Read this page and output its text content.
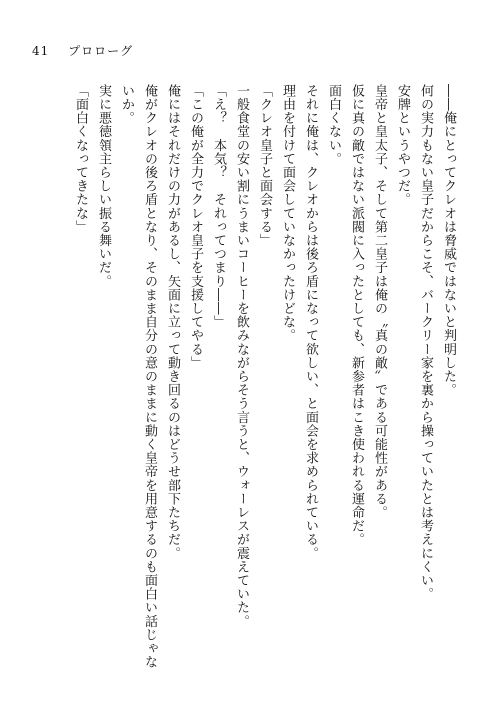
41 プロローグ

――俺にとってクレオは脅威ではないと判明した。

何の実力もない皇子だからこそ、バークリー家を裏から操っていたとは考えにくい。

安牌というやつだ。

皇帝と皇太子、そして第二皇子は俺の〝真の敵〟である可能性がある。

仮に真の敵ではない派閥に入ったとしても、新参者はこき使われる運命だ。

面白くない。

それに俺は、クレオからは後ろ盾になって欲しい、と面会を求められている。

理由を付けて面会していなかったけどな。

「クレオ皇子と面会する」

一般食堂の安い割にうまいコーヒーを飲みながらそう言うと、ウォーレスが震えていた。

「え？　本気？　それってつまり――」

「この俺が全力でクレオ皇子を支援してやる」

俺にはそれだけの力があるし、矢面に立って動き回るのはどうせ部下たちだ。

俺がクレオの後ろ盾となり、そのまま自分の意のままに動く皇帝を用意するのも面白い話じゃないか。

実に悪徳領主らしい振る舞いだ。

「面白くなってきたな」
